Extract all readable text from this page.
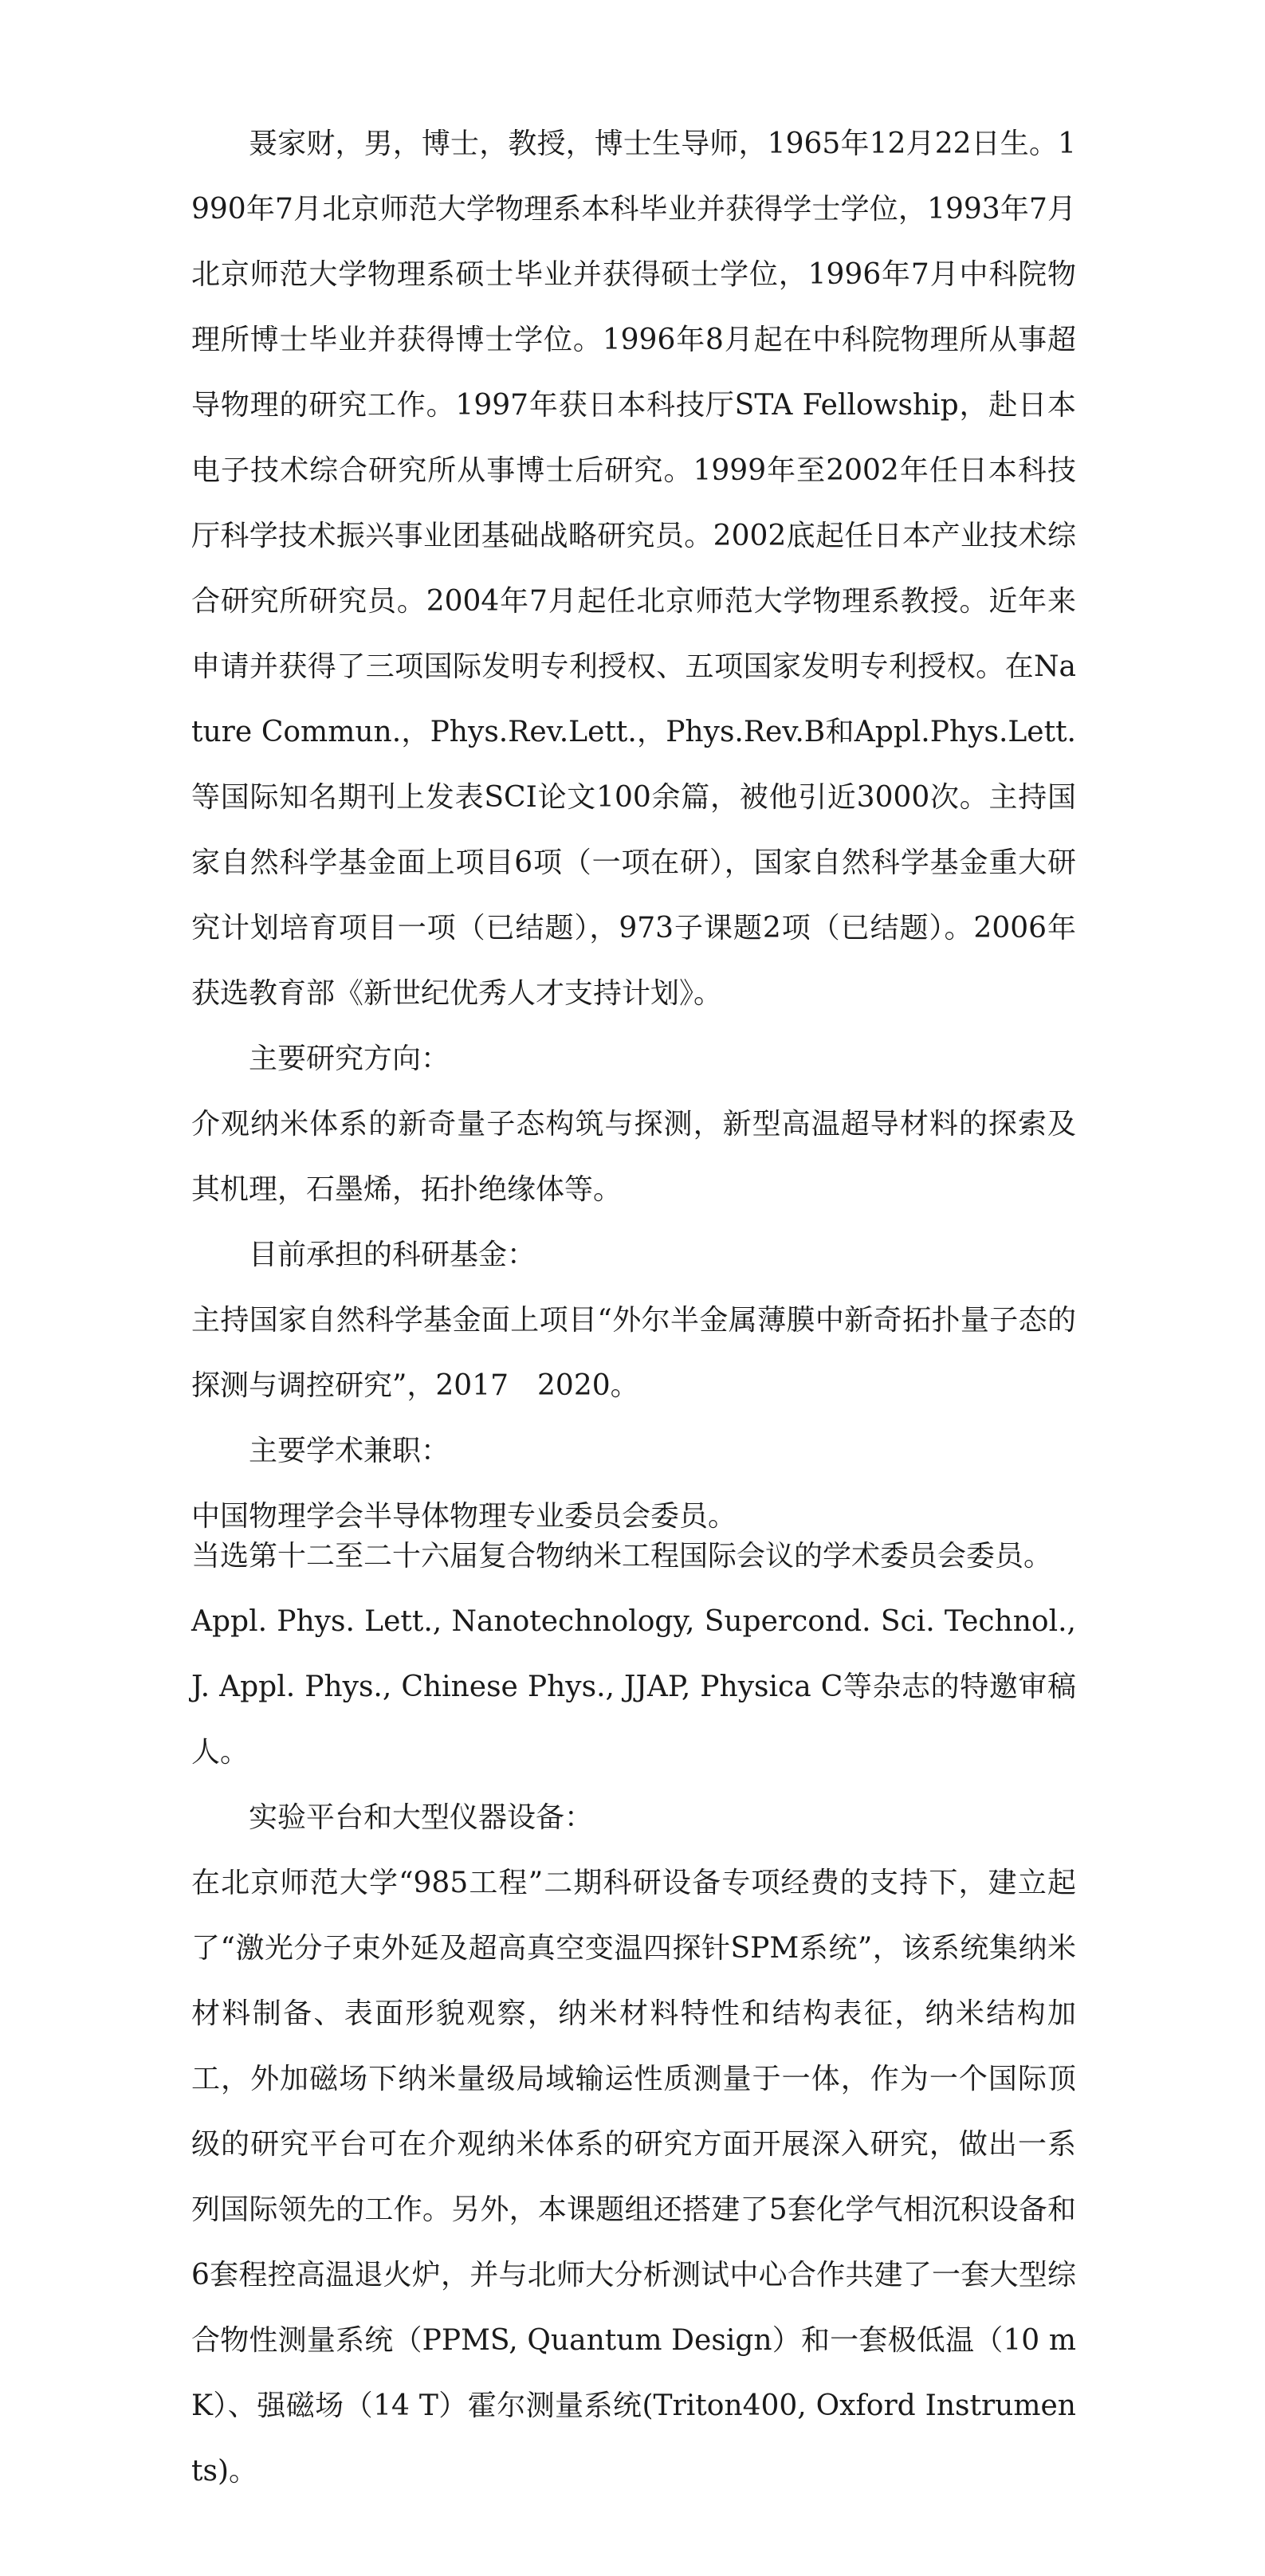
聂家财，男，博士，教授，博士生导师，1965年12月22日生。1990年7月北京师范大学物理系本科毕业并获得学士学位，1993年7月北京师范大学物理系硕士毕业并获得硕士学位，1996年7月中科院物理所博士毕业并获得博士学位。1996年8月起在中科院物理所从事超导物理的研究工作。1997年获日本科技厅STA Fellowship，赴日本电子技术综合研究所从事博士后研究。1999年至2002年任日本科技厅科学技术振兴事业团基础战略研究员。2002底起任日本产业技术综合研究所研究员。2004年7月起任北京师范大学物理系教授。近年来申请并获得了三项国际发明专利授权、五项国家发明专利授权。在Nature Commun.，Phys.Rev.Lett.，Phys.Rev.B和Appl.Phys.Lett.等国际知名期刊上发表SCI论文100余篇，被他引近3000次。主持国家自然科学基金面上项目6项（一项在研），国家自然科学基金重大研究计划培育项目一项（已结题），973子课题2项（已结题）。2006年获选教育部《新世纪优秀人才支持计划》。

主要研究方向：

介观纳米体系的新奇量子态构筑与探测，新型高温超导材料的探索及其机理，石墨烯，拓扑绝缘体等。

目前承担的科研基金：

主持国家自然科学基金面上项目“外尔半金属薄膜中新奇拓扑量子态的探测与调控研究”，2017　2020。

主要学术兼职：

中国物理学会半导体物理专业委员会委员。

当选第十二至二十六届复合物纳米工程国际会议的学术委员会委员。

Appl. Phys. Lett., Nanotechnology, Supercond. Sci. Technol., J. Appl. Phys., Chinese Phys., JJAP, Physica C等杂志的特邀审稿人。

实验平台和大型仪器设备：

在北京师范大学“985工程”二期科研设备专项经费的支持下，建立起了“激光分子束外延及超高真空变温四探针SPM系统”，该系统集纳米材料制备、表面形貌观察，纳米材料特性和结构表征，纳米结构加工，外加磁场下纳米量级局域输运性质测量于一体，作为一个国际顶级的研究平台可在介观纳米体系的研究方面开展深入研究，做出一系列国际领先的工作。另外，本课题组还搭建了5套化学气相沉积设备和6套程控高温退火炉，并与北师大分析测试中心合作共建了一套大型综合物性测量系统（PPMS, Quantum Design）和一套极低温（10 mK）、强磁场（14 T）霍尔测量系统(Triton400, Oxford Instruments)。
